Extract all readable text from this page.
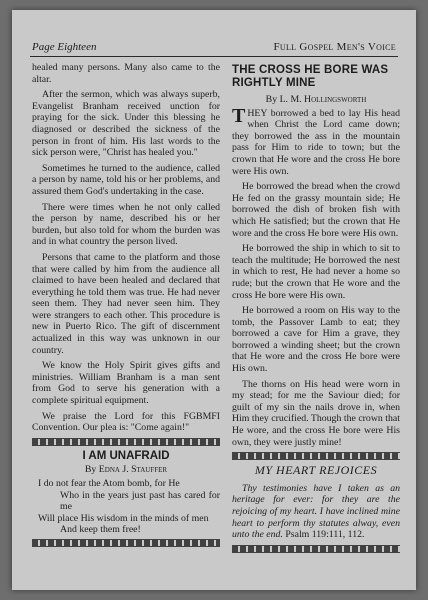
Page Eighteen	Full Gospel Men's Voice

healed many persons. Many also came to the altar.

After the sermon, which was always superb, Evangelist Branham received unction for praying for the sick. Under this blessing he diagnosed or described the sickness of the person in front of him. His last words to the sick person were, "Christ has healed you."

Sometimes he turned to the audience, called a person by name, told his or her problems, and assured them God's undertaking in the case.

There were times when he not only called the person by name, described his or her burden, but also told for whom the burden was and in what country the person lived.

Persons that came to the platform and those that were called by him from the audience all claimed to have been healed and declared that everything he told them was true. He had never seen them. They had never seen him. They were strangers to each other. This procedure is new in Puerto Rico. The gift of discernment actualized in this way was unknown in our country.

We know the Holy Spirit gives gifts and ministries. William Branham is a man sent from God to serve his generation with a complete spiritual equipment.

We praise the Lord for this FGBMFI Convention. Our plea is: "Come again!"

I AM UNAFRAID
By Edna J. Stauffer
I do not fear the Atom bomb, for He
Who in the years just past has cared for me
Will place His wisdom in the minds of men
And keep them free!
THE CROSS HE BORE WAS RIGHTLY MINE
By L. M. Hollingsworth

THEY borrowed a bed to lay His head when Christ the Lord came down; they borrowed the ass in the mountain pass for Him to ride to town; but the crown that He wore and the cross He bore were His own.

He borrowed the bread when the crowd He fed on the grassy mountain side; He borrowed the dish of broken fish with which He satisfied; but the crown that He wore and the cross He bore were His own.

He borrowed the ship in which to sit to teach the multitude; He borrowed the nest in which to rest, He had never a home so rude; but the crown that He wore and the cross He bore were His own.

He borrowed a room on His way to the tomb, the Passover Lamb to eat; they borrowed a cave for Him a grave, they borrowed a winding sheet; but the crown that He wore and the cross He bore were His own.

The thorns on His head were worn in my stead; for me the Saviour died; for guilt of my sin the nails drove in, when Him they crucified. Though the crown that He wore, and the cross He bore were His own, they were justly mine!

MY HEART REJOICES

Thy testimonies have I taken as an heritage for ever: for they are the rejoicing of my heart. I have inclined mine heart to perform thy statutes alway, even unto the end. Psalm 119:111, 112.
